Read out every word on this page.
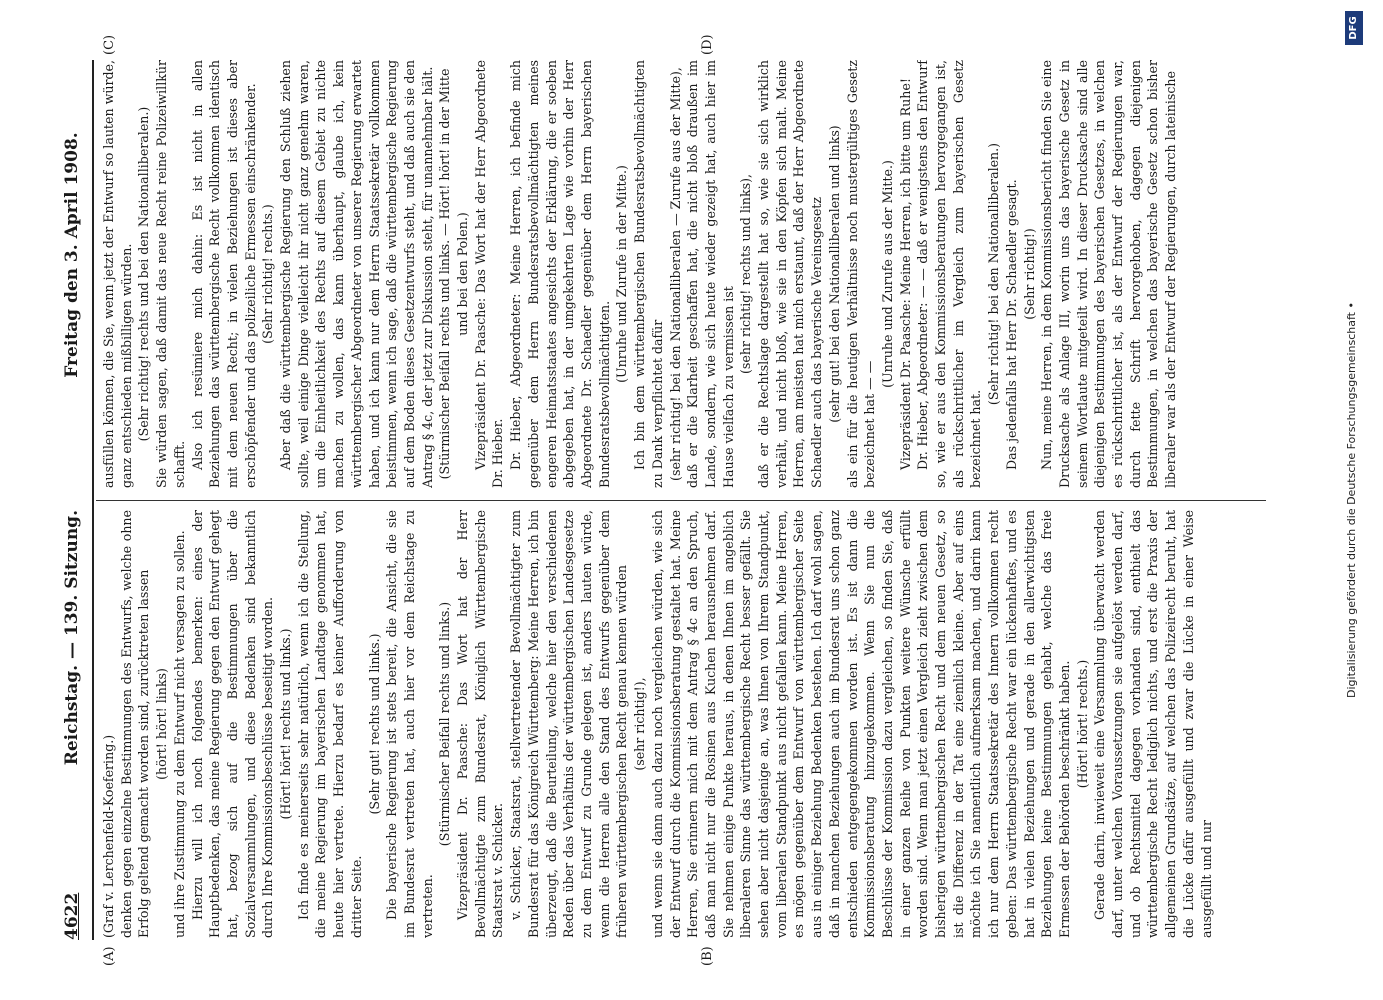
4622
Reichstag. — 139. Sitzung.
Freitag den 3. April 1908.
(A)	(B)
(C)	(D)

(Graf v. Lerchenfeld-Koefering.) denken gegen einzelne Bestimmungen des Entwurfs, welche ohne Erfolg geltend gemacht worden sind, zurücktreten lassen (hört! hört! links) und ihre Zustimmung zu dem Entwurf nicht versagen zu sollen. Hierzu will ich noch folgendes bemerken: eines der Hauptbedenken, das meine Regierung gegen den Entwurf gehegt hat, bezog sich auf die Bestimmungen über die Sozialversammlungen, und diese Bedenken sind bekanntlich durch Ihre Kommissionsbeschlüsse beseitigt worden. (Hört! hört! rechts und links.) Ich finde es meinerseits sehr natürlich, wenn ich die Stellung, die meine Regierung im bayerischen Landtage genommen hat, heute hier vertrete. Hierzu bedarf es keiner Aufforderung von dritter Seite.

(Sehr gut! rechts und links.) Die bayerische Regierung ist stets bereit, die Ansicht, die sie im Bundesrat vertreten hat, auch hier vor dem Reichstage zu vertreten.

(Stürmischer Beifall rechts und links.) Vizepräsident Dr. Paasche: Das Wort hat der Herr Bevollmächtigte zum Bundesrat, Königlich Württembergische Staatsrat v. Schicker. v. Schicker, Staatsrat, stellvertretender Bevollmächtigter zum Bundesrat für das Königreich Württemberg: Meine Herren, ich bin überzeugt, daß die Beurteilung, welche hier den verschiedenen Reden über das Verhältnis der württembergischen Landesgesetze zu dem Entwurf zu Grunde gelegen ist, anders lauten würde, wenn die Herren alle den Stand des Entwurfs gegenüber dem früheren württembergischen Recht genau kennen würden (sehr richtig!), und wenn sie dann auch dazu noch vergleichen würden, wie sich der Entwurf durch die Kommissionsberatung gestaltet hat. Meine Herren, Sie erinnern mich mit dem Antrag § 4c an den Spruch, daß man nicht nur die Rosinen aus Kuchen herausnehmen darf. Sie nehmen einige Punkte heraus, in denen Ihnen im angeblich liberaleren Sinne das württembergische Recht besser gefällt. Sie sehen aber nicht dasjenige an, was Ihnen von Ihrem Standpunkt, vom liberalen Standpunkt aus nicht gefallen kann. Meine Herren, es mögen gegenüber dem Entwurf von württembergischer Seite aus in einiger Beziehung Bedenken bestehen. Ich darf wohl sagen, daß in manchen Beziehungen auch im Bundesrat uns schon ganz entschieden entgegengekommen worden ist. Es ist dann die Kommissionsberatung hinzugekommen. Wenn Sie nun die Beschlüsse der Kommission dazu vergleichen, so finden Sie, daß in einer ganzen Reihe von Punkten weitere Wünsche erfüllt worden sind. Wenn man jetzt einen Vergleich zieht zwischen dem bisherigen württembergischen Recht und dem neuen Gesetz, so ist die Differenz in der Tat eine ziemlich kleine. Aber auf eins möchte ich Sie namentlich aufmerksam machen, und darin kann ich nur dem Herrn Staatssekretär des Innern vollkommen recht geben: Das württembergische Recht war ein lückenhaftes, und es hat in vielen Beziehungen und gerade in den allerwichtigsten Beziehungen keine Bestimmungen gehabt, welche das freie Ermessen der Behörden beschränkt haben. (Hört! hört! rechts.) Gerade darin, inwieweit eine Versammlung überwacht werden darf, unter welchen Voraussetzungen sie aufgelöst werden darf, und ob Rechtsmittel dagegen vorhanden sind, enthielt das württembergische Recht lediglich nichts, und erst die Praxis der allgemeinen Grundsätze, auf welchen das Polizeirecht beruht, hat die Lücke dafür ausgefüllt und zwar die Lücke in einer Weise ausgefüllt und nur

ausfüllen können, die Sie, wenn jetzt der Entwurf so lauten würde, ganz entschieden mißbilligen würden. (Sehr richtig! rechts und bei den Nationalliberalen.) Sie würden sagen, daß damit das neue Recht reine Polizeiwillkür schafft. Also ich resümiere mich dahin: Es ist nicht in allen Beziehungen das württembergische Recht vollkommen identisch mit dem neuen Recht; in vielen Beziehungen ist dieses aber erschöpfender und das polizeiliche Ermessen einschränkender. (Sehr richtig! rechts.) Aber daß die württembergische Regierung den Schluß ziehen sollte, weil einige Dinge vielleicht ihr nicht ganz genehm waren, um die Einheitlichkeit des Rechts auf diesem Gebiet zu nichte machen zu wollen, das kann überhaupt, glaube ich, kein württembergischer Abgeordneter von unserer Regierung erwartet haben, und ich kann nur dem Herrn Staatssekretär vollkommen beistimmen, wenn ich sage, daß die württembergische Regierung auf dem Boden dieses Gesetzentwurfs steht, und daß auch sie den Antrag § 4c, der jetzt zur Diskussion steht, für unannehmbar hält. (Stürmischer Beifall rechts und links. — Hört! hört! in der Mitte und bei den Polen.) Vizepräsident Dr. Paasche: Das Wort hat der Herr Abgeordnete Dr. Hieber. Dr. Hieber, Abgeordneter: Meine Herren, ich befinde mich gegenüber dem Herrn Bundesratsbevollmächtigten meines engeren Heimatsstaates angesichts der Erklärung, die er soeben abgegeben hat, in der umgekehrten Lage wie vorhin der Herr Abgeordnete Dr. Schaedler gegenüber dem Herrn bayerischen Bundesratsbevollmächtigten.

(Unruhe und Zurufe in der Mitte.) Ich bin dem württembergischen Bundesratsbevollmächtigten zu Dank verpflichtet dafür (sehr richtig! bei den Nationalliberalen — Zurufe aus der Mitte), daß er die Klarheit geschaffen hat, die nicht bloß draußen im Lande, sondern, wie sich heute wieder gezeigt hat, auch hier im Hause vielfach zu vermissen ist

(sehr richtig! rechts und links), daß er die Rechtslage dargestellt hat so, wie sie sich wirklich verhält, und nicht bloß, wie sie in den Köpfen sich malt. Meine Herren, am meisten hat mich erstaunt, daß der Herr Abgeordnete Schaedler auch das bayerische Vereinsgesetz (sehr gut! bei den Nationalliberalen und links) als ein für die heutigen Verhältnisse noch mustergültiges Gesetz bezeichnet hat — —

(Unruhe und Zurufe aus der Mitte.) Vizepräsident Dr. Paasche: Meine Herren, ich bitte um Ruhe! Dr. Hieber, Abgeordneter: — — daß er wenigstens den Entwurf so, wie er aus den Kommissionsberatungen hervorgegangen ist, als rückschrittlicher im Vergleich zum bayerischen Gesetz bezeichnet hat.

(Sehr richtig! bei den Nationalliberalen.) Das jedenfalls hat Herr Dr. Schaedler gesagt. (Sehr richtig!) Nun, meine Herren, in dem Kommissionsbericht finden Sie eine Drucksache als Anlage III, worin uns das bayerische Gesetz in seinem Wortlaute mitgeteilt wird. In dieser Drucksache sind alle diejenigen Bestimmungen des bayerischen Gesetzes, in welchen es rückschrittlicher ist, als der Entwurf der Regierungen war, durch fette Schrift hervorgehoben, dagegen diejenigen Bestimmungen, in welchen das bayerische Gesetz schon bisher liberaler war als der Entwurf der Regierungen, durch lateinische

Digitalisierung gefördert durch die Deutsche Forschungsgemeinschaft •
DFG
